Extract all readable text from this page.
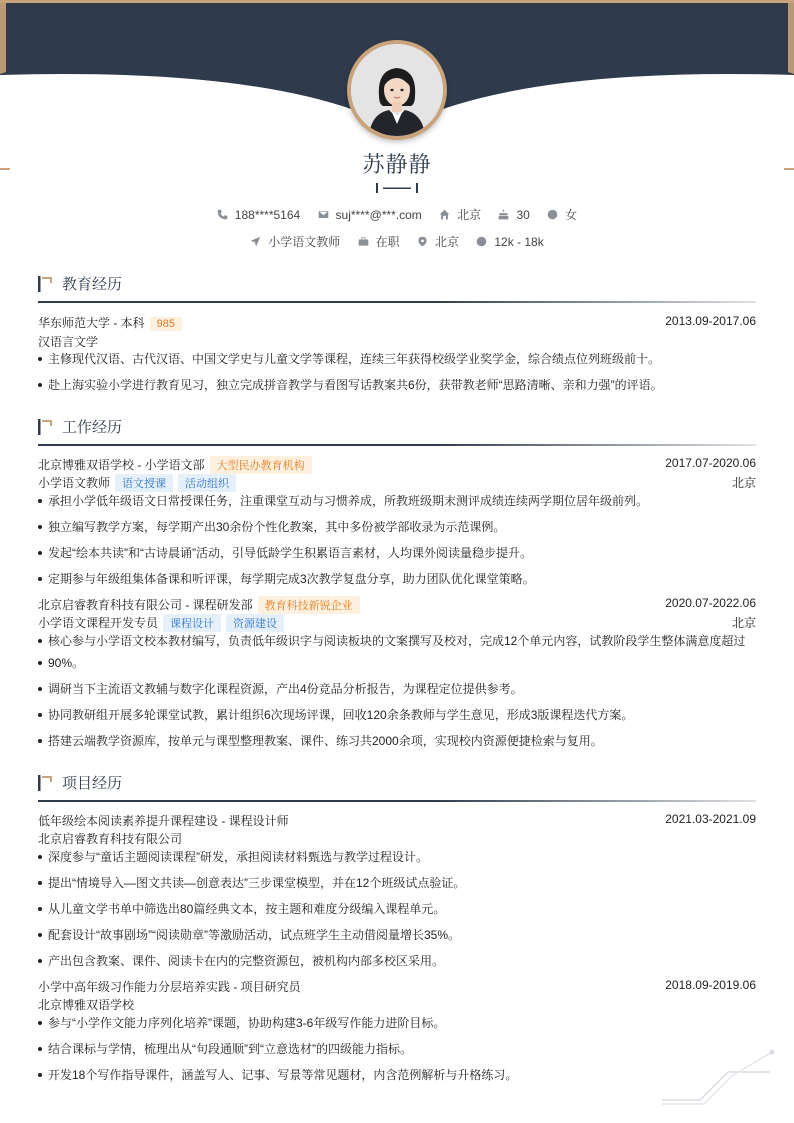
苏静静
188****5164
	suj****@***.com
	北京
	30
	女
小学语文教师
	在职
	北京
	12k - 18k
教育经历
华东师范大学 - 本科 985	2013.09-2017.06
汉语言文学
主修现代汉语、古代汉语、中国文学史与儿童文学等课程，连续三年获得校级学业奖学金，综合绩点位列班级前十。
赴上海实验小学进行教育见习，独立完成拼音教学与看图写话教案共6份，获带教老师“思路清晰、亲和力强”的评语。
工作经历
北京博雅双语学校 - 小学语文部 大型民办教育机构	2017.07-2020.06
小学语文教师 语文授课 活动组织	北京
承担小学低年级语文日常授课任务，注重课堂互动与习惯养成，所教班级期末测评成绩连续两学期位居年级前列。
独立编写教学方案，每学期产出30余份个性化教案，其中多份被学部收录为示范课例。
发起“绘本共读”和“古诗晨诵”活动，引导低龄学生积累语言素材，人均课外阅读量稳步提升。
定期参与年级组集体备课和听评课，每学期完成3次教学复盘分享，助力团队优化课堂策略。
北京启睿教育科技有限公司 - 课程研发部 教育科技新锐企业	2020.07-2022.06
小学语文课程开发专员 课程设计 资源建设	北京
核心参与小学语文校本教材编写，负责低年级识字与阅读板块的文案撰写及校对，完成12个单元内容，试教阶段学生整体满意度超过
90%。
调研当下主流语文教辅与数字化课程资源，产出4份竞品分析报告，为课程定位提供参考。
协同教研组开展多轮课堂试教，累计组织6次现场评课，回收120余条教师与学生意见，形成3版课程迭代方案。
搭建云端教学资源库，按单元与课型整理教案、课件、练习共2000余项，实现校内资源便捷检索与复用。
项目经历
低年级绘本阅读素养提升课程建设 - 课程设计师	2021.03-2021.09
北京启睿教育科技有限公司
深度参与“童话主题阅读课程”研发，承担阅读材料甄选与教学过程设计。
提出“情境导入—图文共读—创意表达”三步课堂模型，并在12个班级试点验证。
从儿童文学书单中筛选出80篇经典文本，按主题和难度分级编入课程单元。
配套设计“故事剧场”“阅读勋章”等激励活动，试点班学生主动借阅量增长35%。
产出包含教案、课件、阅读卡在内的完整资源包，被机构内部多校区采用。
小学中高年级习作能力分层培养实践 - 项目研究员	2018.09-2019.06
北京博雅双语学校
参与“小学作文能力序列化培养”课题，协助构建3-6年级写作能力进阶目标。
结合课标与学情，梳理出从“句段通顺”到“立意选材”的四级能力指标。
开发18个写作指导课件，涵盖写人、记事、写景等常见题材，内含范例解析与升格练习。
